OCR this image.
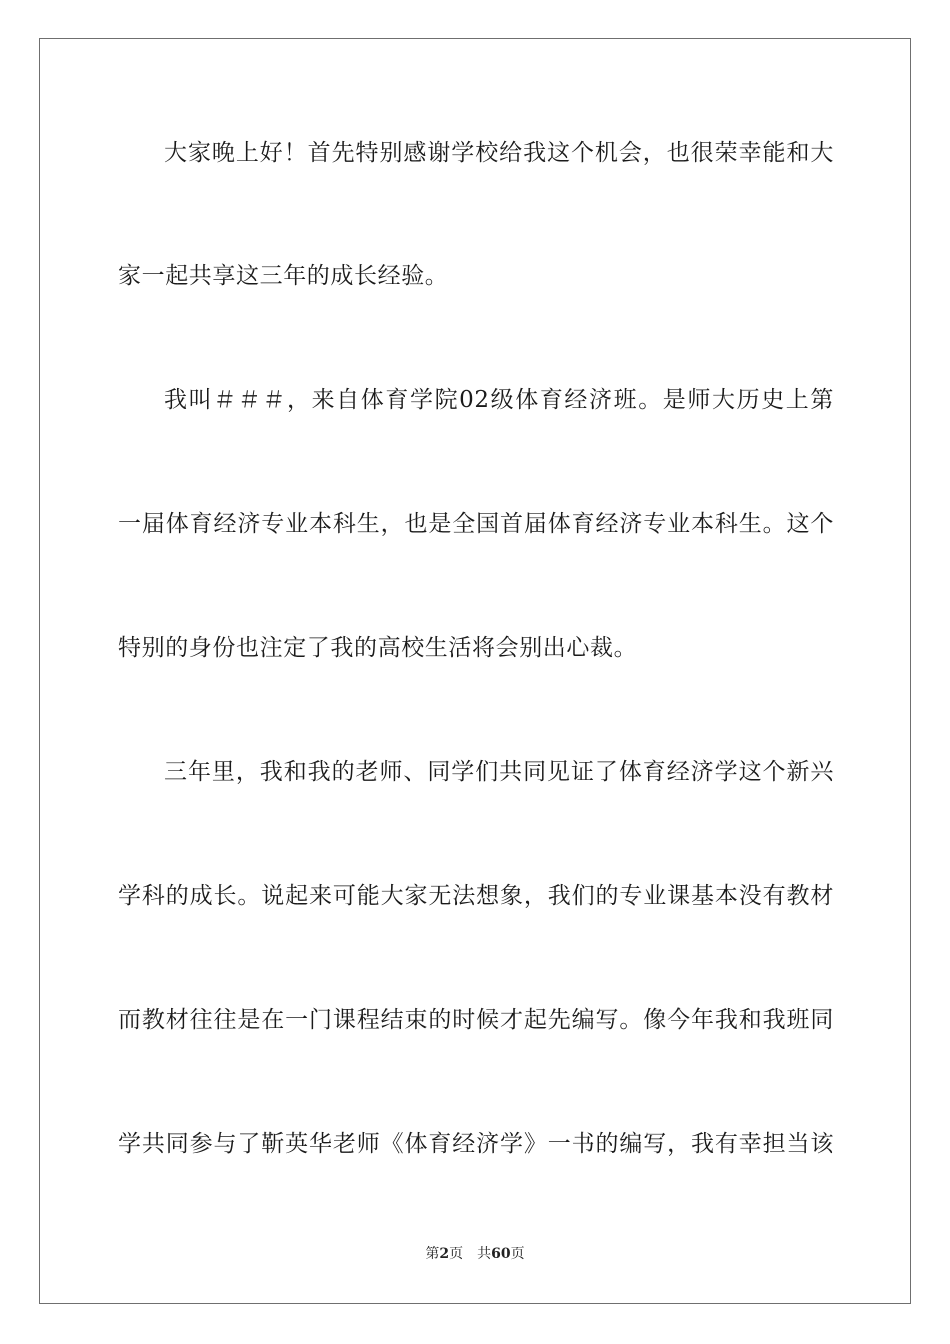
大家晚上好！首先特别感谢学校给我这个机会，也很荣幸能和大
家一起共享这三年的成长经验。
我叫＃＃＃，来自体育学院02级体育经济班。是师大历史上第
一届体育经济专业本科生，也是全国首届体育经济专业本科生。这个
特别的身份也注定了我的高校生活将会别出心裁。
三年里，我和我的老师、同学们共同见证了体育经济学这个新兴
学科的成长。说起来可能大家无法想象，我们的专业课基本没有教材
而教材往往是在一门课程结束的时候才起先编写。像今年我和我班同
学共同参与了靳英华老师《体育经济学》一书的编写，我有幸担当该
第2页 共60页
